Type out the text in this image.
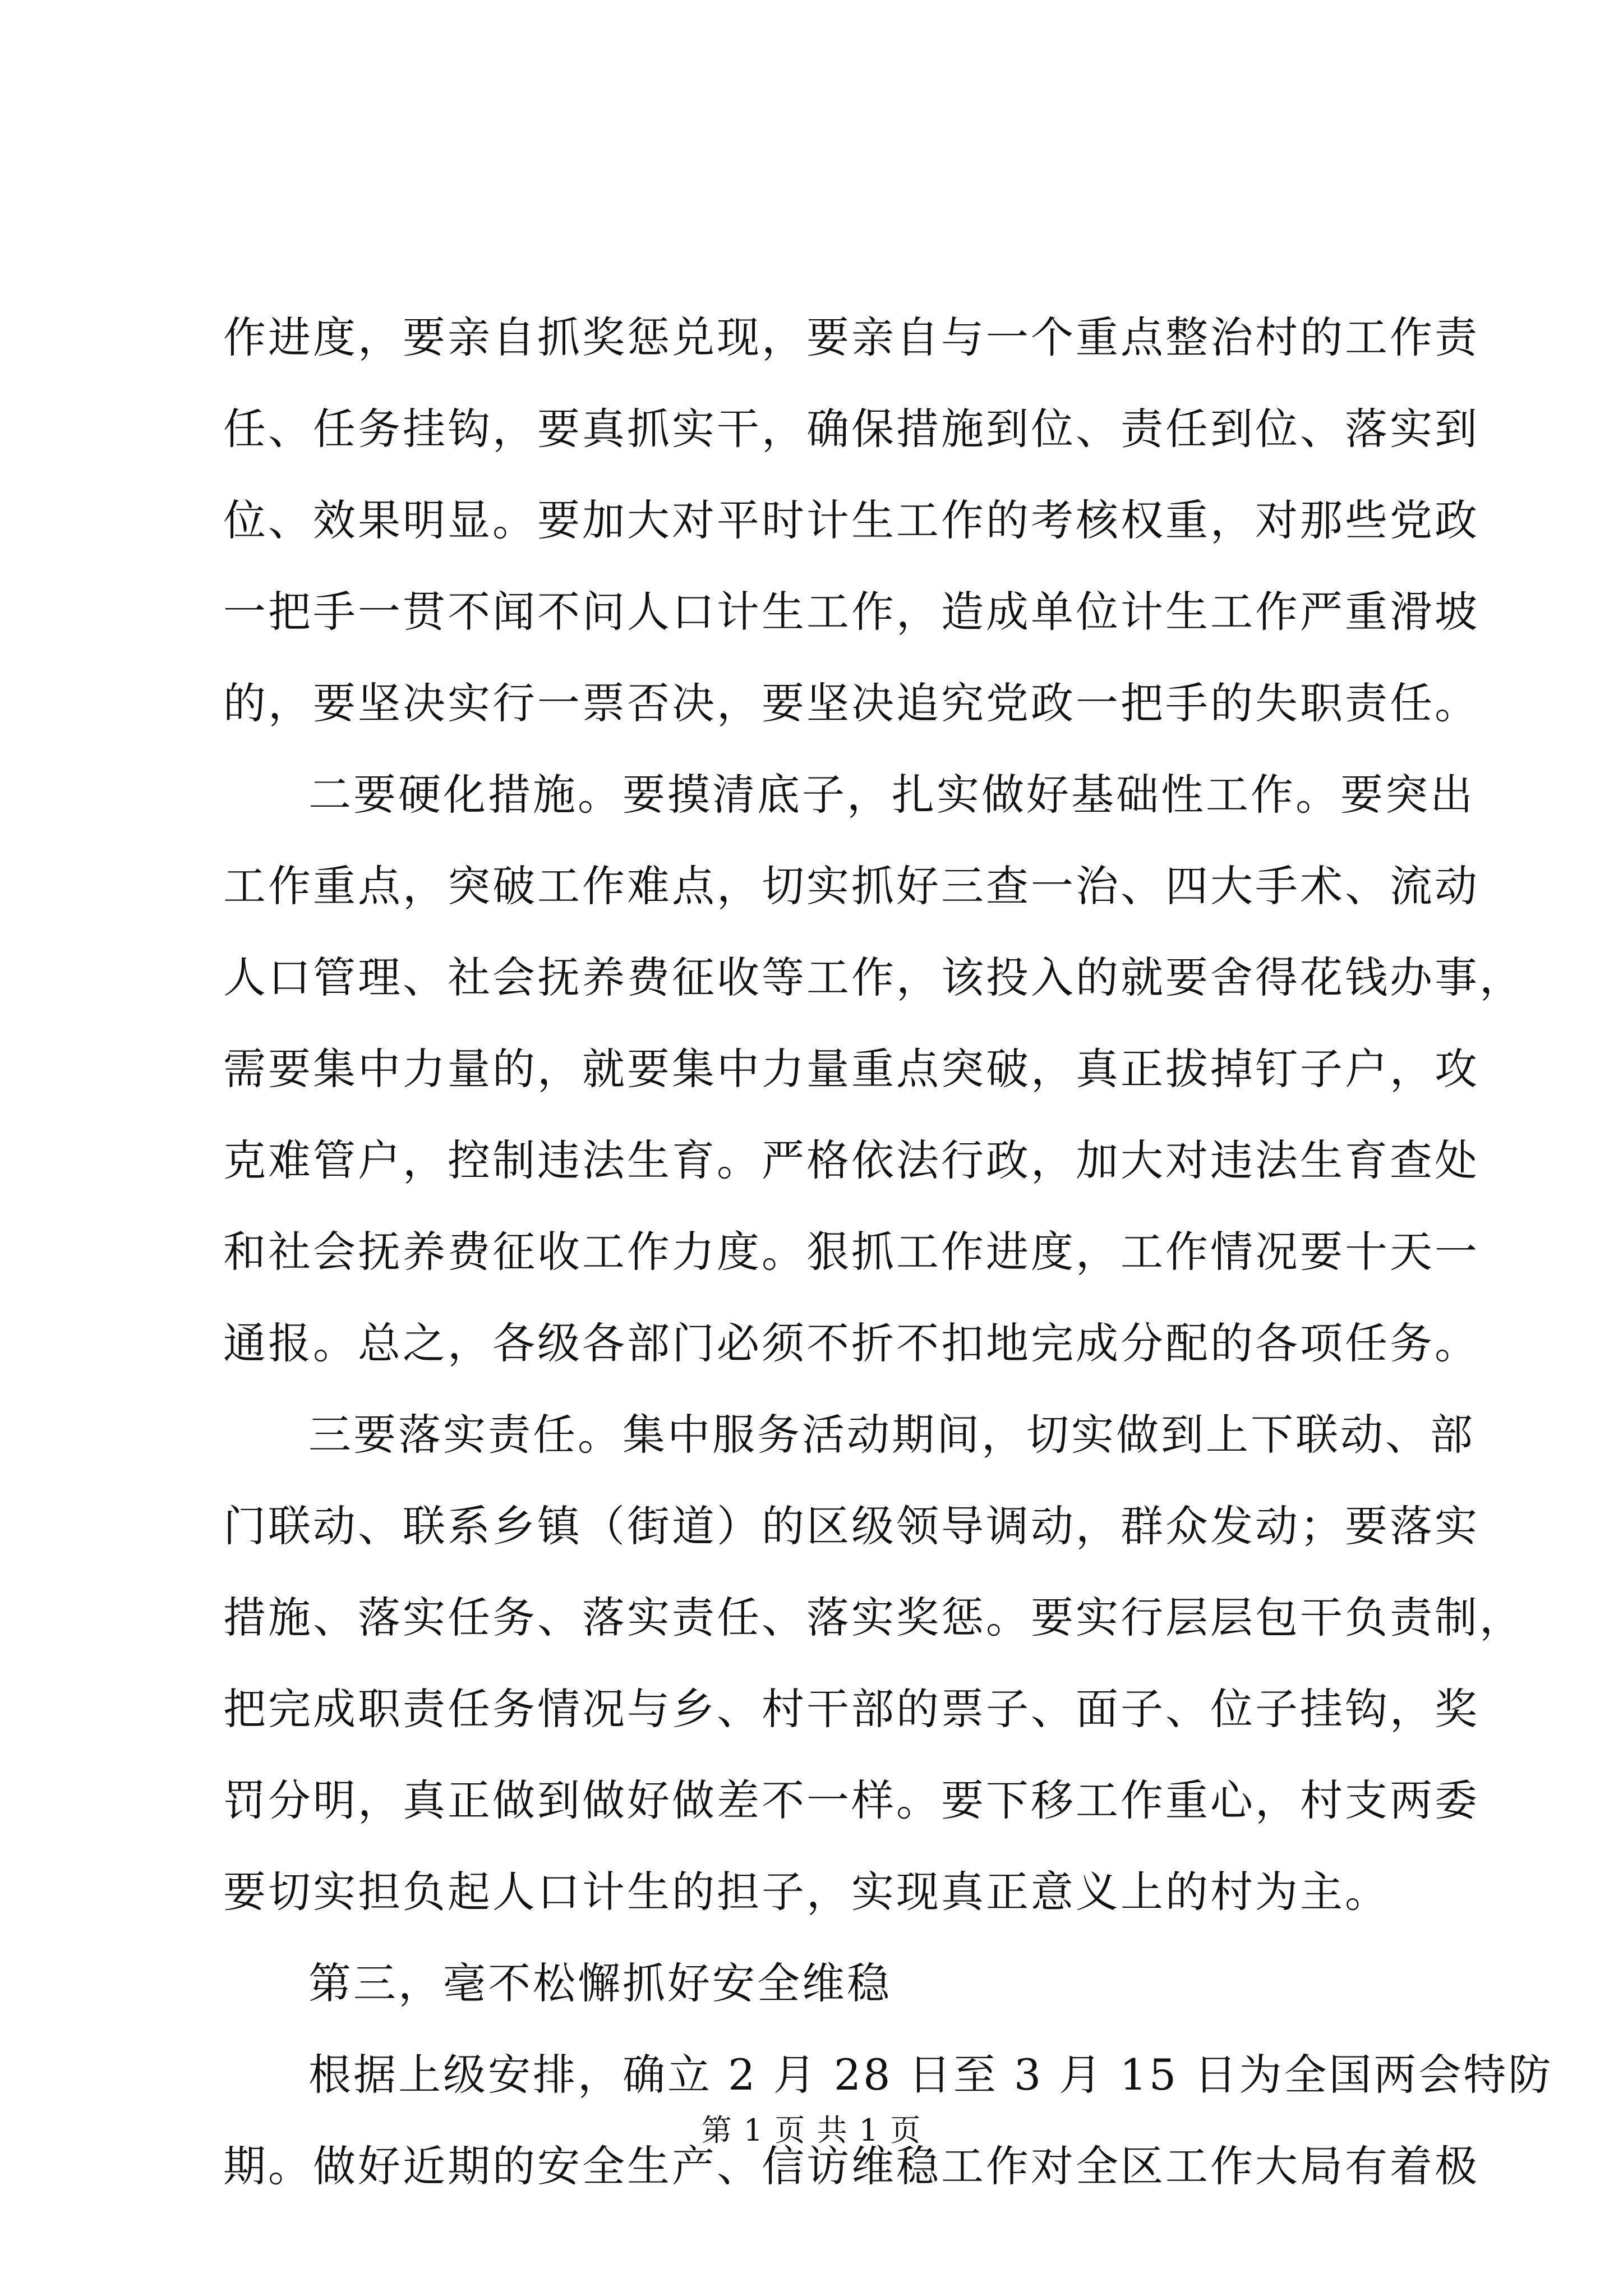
作进度，要亲自抓奖惩兑现，要亲自与一个重点整治村的工作责
任、任务挂钩，要真抓实干，确保措施到位、责任到位、落实到
位、效果明显。要加大对平时计生工作的考核权重，对那些党政
一把手一贯不闻不问人口计生工作，造成单位计生工作严重滑坡
的，要坚决实行一票否决，要坚决追究党政一把手的失职责任。
二要硬化措施。要摸清底子，扎实做好基础性工作。要突出
工作重点，突破工作难点，切实抓好三查一治、四大手术、流动
人口管理、社会抚养费征收等工作，该投入的就要舍得花钱办事，
需要集中力量的，就要集中力量重点突破，真正拔掉钉子户，攻
克难管户，控制违法生育。严格依法行政，加大对违法生育查处
和社会抚养费征收工作力度。狠抓工作进度，工作情况要十天一
通报。总之，各级各部门必须不折不扣地完成分配的各项任务。
三要落实责任。集中服务活动期间，切实做到上下联动、部
门联动、联系乡镇（街道）的区级领导调动，群众发动；要落实
措施、落实任务、落实责任、落实奖惩。要实行层层包干负责制，
把完成职责任务情况与乡、村干部的票子、面子、位子挂钩，奖
罚分明，真正做到做好做差不一样。要下移工作重心，村支两委
要切实担负起人口计生的担子，实现真正意义上的村为主。
第三，毫不松懈抓好安全维稳
根据上级安排，确立 2 月 28 日至 3 月 15 日为全国两会特防
期。做好近期的安全生产、信访维稳工作对全区工作大局有着极
第 1 页 共 1 页
